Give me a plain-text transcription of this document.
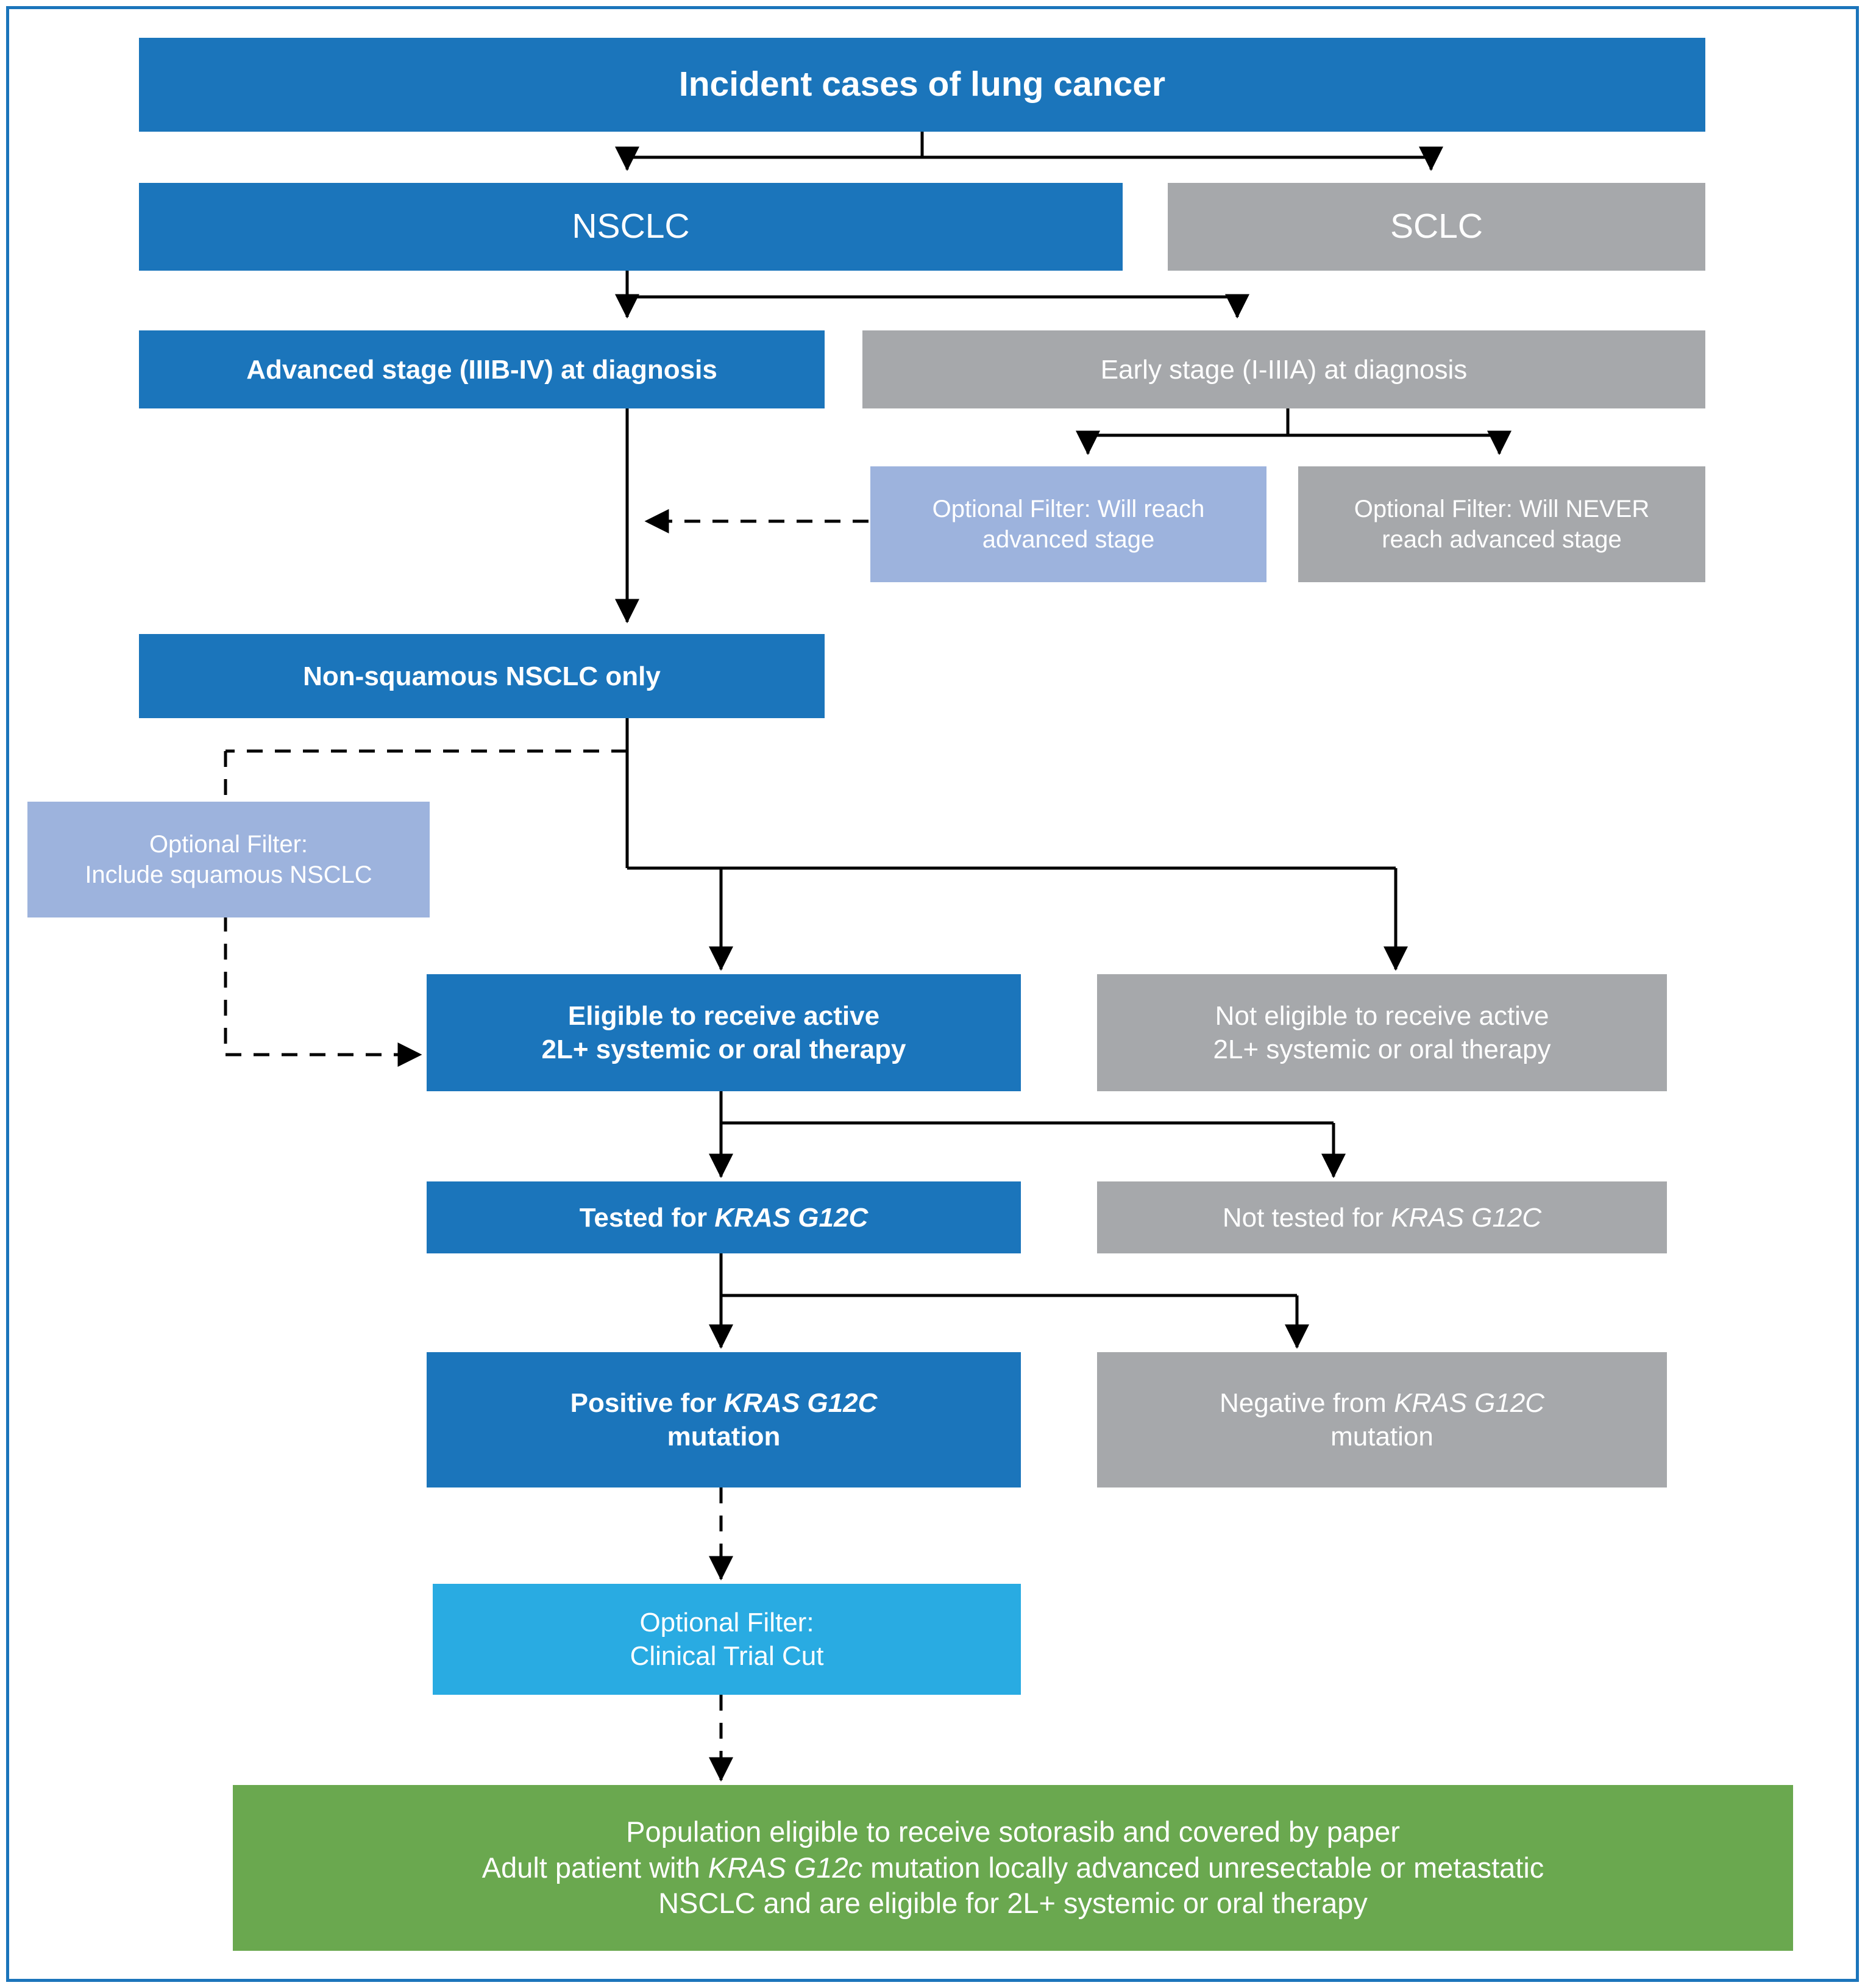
Incident cases of lung cancer
NSCLC	SCLC
Advanced stage (IIIB-IV) at diagnosis	Early stage (I-IIIA) at diagnosis
Optional Filter: Will reach
advanced stage
Optional Filter: Will NEVER
reach advanced stage
Non-squamous NSCLC only
Optional Filter:
Include squamous NSCLC
Eligible to receive active
2L+ systemic or oral therapy
Not eligible to receive active
2L+ systemic or oral therapy
Tested for KRAS G12C	Not tested for KRAS G12C
Positive for KRAS G12C
mutation
Negative from KRAS G12C
mutation
Optional Filter:
Clinical Trial Cut
Population eligible to receive sotorasib and covered by paper
Adult patient with KRAS G12c mutation locally advanced unresectable or metastatic
NSCLC and are eligible for 2L+ systemic or oral therapy
